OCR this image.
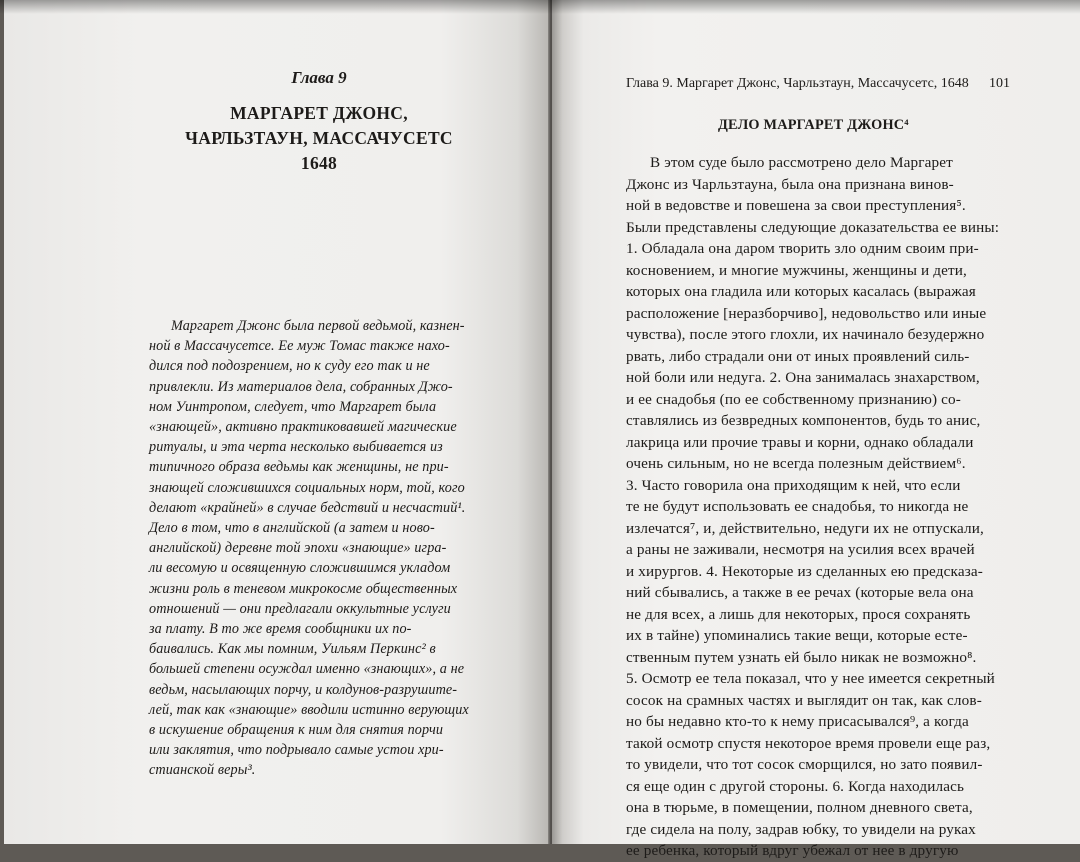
Глава 9
МАРГАРЕТ ДЖОНС,
ЧАРЛЬЗТАУН, МАССАЧУСЕТС
1648
Маргарет Джонс была первой ведьмой, казнен-
ной в Массачусетсе. Ее муж Томас также нахо-
дился под подозрением, но к суду его так и не
привлекли. Из материалов дела, собранных Джо-
ном Уинтропом, следует, что Маргарет была
«знающей», активно практиковавшей магические
ритуалы, и эта черта несколько выбивается из
типичного образа ведьмы как женщины, не при-
знающей сложившихся социальных норм, той, кого
делают «крайней» в случае бедствий и несчастий¹.
Дело в том, что в английской (а затем и ново-
английской) деревне той эпохи «знающие» игра-
ли весомую и освященную сложившимся укладом
жизни роль в теневом микрокосме общественных
отношений — они предлагали оккультные услуги
за плату. В то же время сообщники их по-
баивались. Как мы помним, Уильям Перкинс² в
большей степени осуждал именно «знающих», а не
ведьм, насылающих порчу, и колдунов-разрушите-
лей, так как «знающие» вводили истинно верующих
в искушение обращения к ним для снятия порчи
или заклятия, что подрывало самые устои хри-
стианской веры³.
Глава 9. Маргарет Джонс, Чарльзтаун, Массачусетс, 1648 101
ДЕЛО МАРГАРЕТ ДЖОНС⁴
В этом суде было рассмотрено дело Маргарет
Джонс из Чарльзтауна, была она признана винов-
ной в ведовстве и повешена за свои преступления⁵.
Были представлены следующие доказательства ее вины:
1. Обладала она даром творить зло одним своим при-
косновением, и многие мужчины, женщины и дети,
которых она гладила или которых касалась (выражая
расположение [неразборчиво], недовольство или иные
чувства), после этого глохли, их начинало безудержно
рвать, либо страдали они от иных проявлений силь-
ной боли или недуга. 2. Она занималась знахарством,
и ее снадобья (по ее собственному признанию) со-
ставлялись из безвредных компонентов, будь то анис,
лакрица или прочие травы и корни, однако обладали
очень сильным, но не всегда полезным действием⁶.
3. Часто говорила она приходящим к ней, что если
те не будут использовать ее снадобья, то никогда не
излечатся⁷, и, действительно, недуги их не отпускали,
а раны не заживали, несмотря на усилия всех врачей
и хирургов. 4. Некоторые из сделанных ею предсказа-
ний сбывались, а также в ее речах (которые вела она
не для всех, а лишь для некоторых, прося сохранять
их в тайне) упоминались такие вещи, которые есте-
ственным путем узнать ей было никак не возможно⁸.
5. Осмотр ее тела показал, что у нее имеется секретный
сосок на срамных частях и выглядит он так, как слов-
но бы недавно кто-то к нему присасывался⁹, а когда
такой осмотр спустя некоторое время провели еще раз,
то увидели, что тот сосок сморщился, но зато появил-
ся еще один с другой стороны. 6. Когда находилась
она в тюрьме, в помещении, полном дневного света,
где сидела на полу, задрав юбку, то увидели на руках
ее ребенка, который вдруг убежал от нее в другую
